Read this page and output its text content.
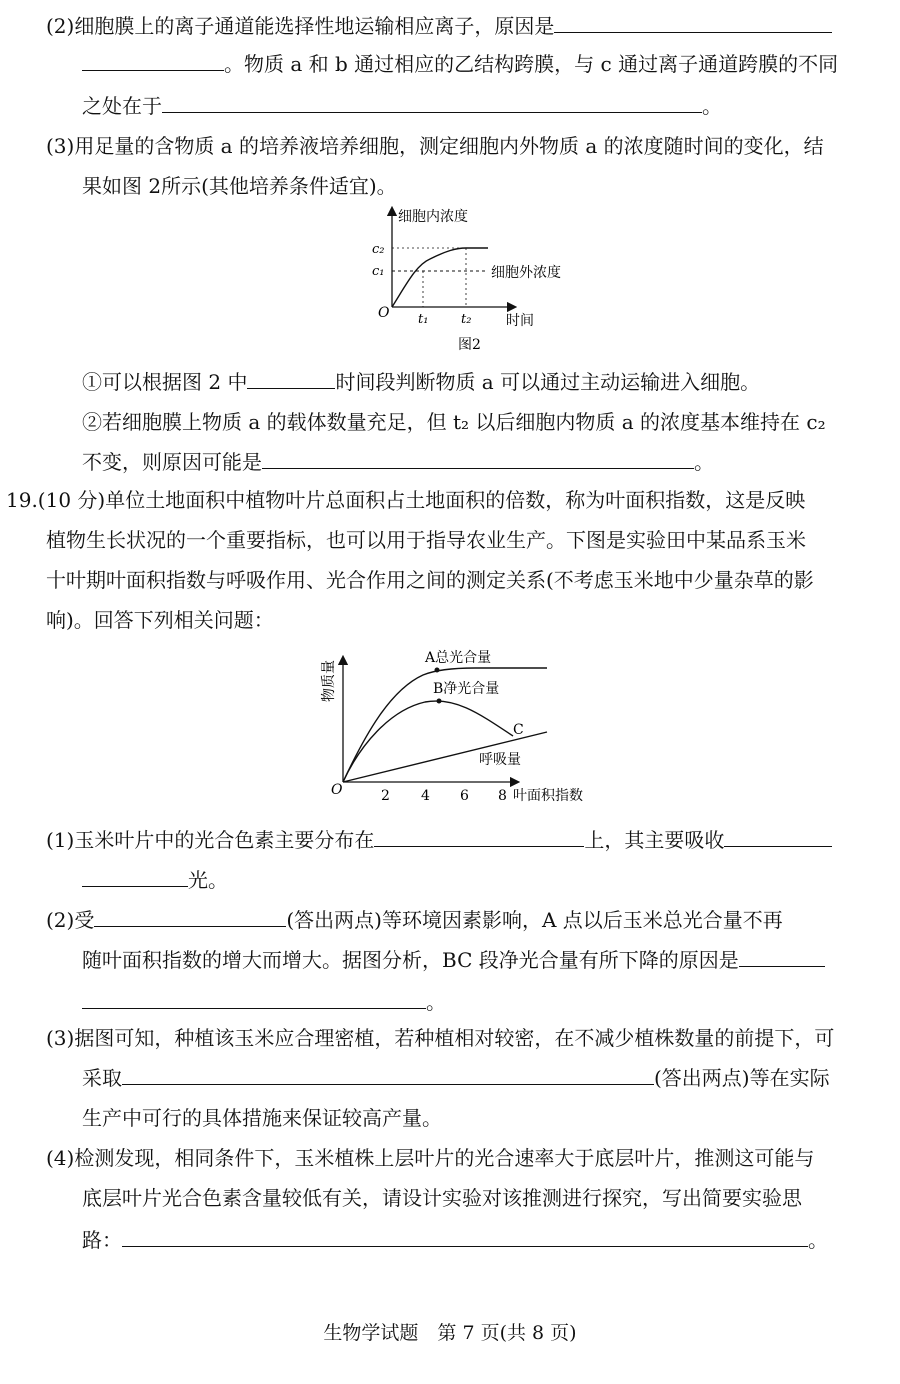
(2)细胞膜上的离子通道能选择性地运输相应离子，原因是
。物质 a 和 b 通过相应的乙结构跨膜，与 c 通过离子通道跨膜的不同
之处在于	。
(3)用足量的含物质 a 的培养液培养细胞，测定细胞内外物质 a 的浓度随时间的变化，结
果如图 2所示(其他培养条件适宜)。
细胞内浓度
c₂
c₁	细胞外浓度
O t₁	t₂ 时间
图2
①可以根据图 2 中	时间段判断物质 a 可以通过主动运输进入细胞。
②若细胞膜上物质 a 的载体数量充足，但 t₂ 以后细胞内物质 a 的浓度基本维持在 c₂
不变，则原因可能是	。
19.(10 分)单位土地面积中植物叶片总面积占土地面积的倍数，称为叶面积指数，这是反映
植物生长状况的一个重要指标，也可以用于指导农业生产。下图是实验田中某品系玉米
十叶期叶面积指数与呼吸作用、光合作用之间的测定关系(不考虑玉米地中少量杂草的影
响)。回答下列相关问题：
物质量
A总光合量
B净光合量
C
呼吸量
O	2 4 6 8 叶面积指数
(1)玉米叶片中的光合色素主要分布在	上，其主要吸收
光。
(2)受	(答出两点)等环境因素影响，A 点以后玉米总光合量不再
随叶面积指数的增大而增大。据图分析，BC 段净光合量有所下降的原因是
。
(3)据图可知，种植该玉米应合理密植，若种植相对较密，在不减少植株数量的前提下，可
采取	(答出两点)等在实际
生产中可行的具体措施来保证较高产量。
(4)检测发现，相同条件下，玉米植株上层叶片的光合速率大于底层叶片，推测这可能与
底层叶片光合色素含量较低有关，请设计实验对该推测进行探究，写出简要实验思
路：	。
生物学试题　第 7 页(共 8 页)
